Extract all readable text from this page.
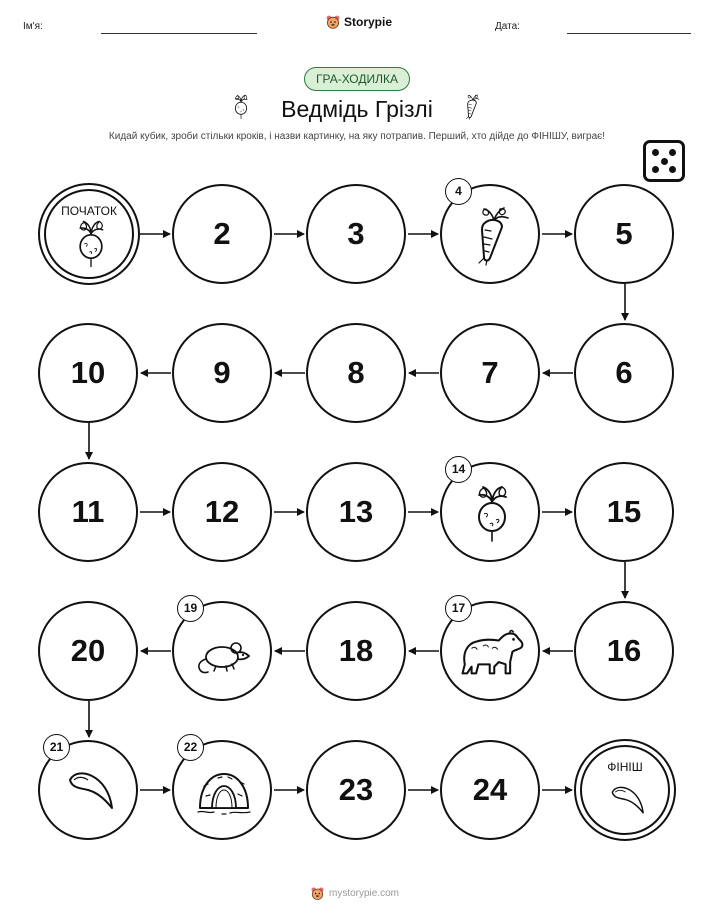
Ім'я:	Storypie	Дата:
ГРА-ХОДИЛКА
Ведмідь Грізлі
Кидай кубик, зроби стільки кроків, і назви картинку, на яку потрапив. Перший, хто дійде до ФІНІШУ, виграє!
ПОЧАТОК
2	3
4
5
6
7
8
9
10
11	12	13
14
15
16
17
18
19
20
21	22
23	24
ФІНІШ
mystorypie.com
